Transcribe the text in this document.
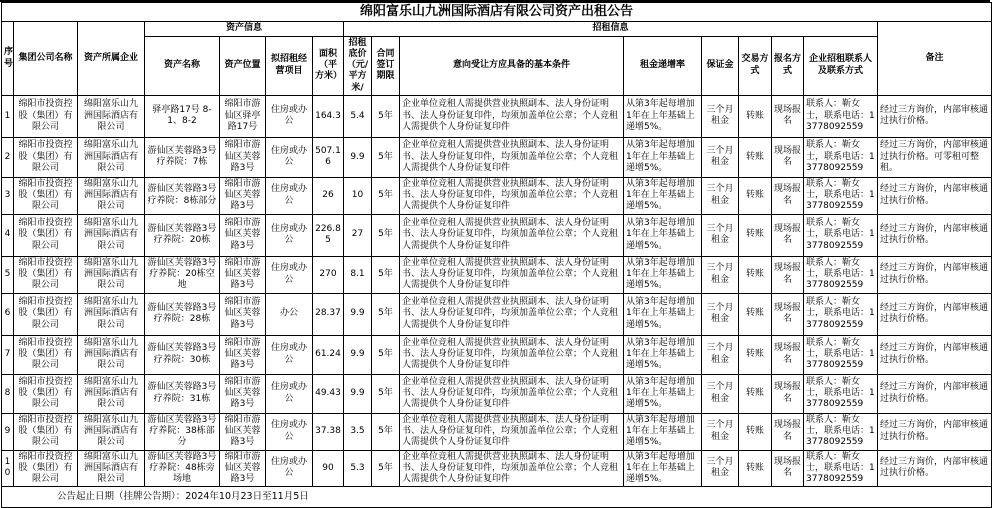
绵阳富乐山九洲国际酒店有限公司资产出租公告															
序号	集团公司名称	资产所属企业	资产信息				招租信息								备注
			资产名称	资产位置	拟招租经营项目	面积（平方米）	招租底价（元/平方米/	合同签订期限	意向受让方应具备的基本条件	租金递增率	保证金	交易方式	报名方式	企业招租联系人及联系方式	
1	绵阳市投资控股（集团）有限公司	绵阳富乐山九洲国际酒店有限公司	驿亭路17号 8-1、8-2	绵阳市游仙区驿亭路17号	住房或办公	164.3	5.4	5年	企业单位竞租人需提供营业执照副本、法人身份证明书、法人身份证复印件，均须加盖单位公章；个人竞租人需提供个人身份证复印件	从第3年起每增加1年在上年基础上递增5%。	三个月租金	转账	现场报名	联系人：靳女士，联系电话：13778092559	经过三方询价，内部审核通过执行价格。
2	绵阳市投资控股（集团）有限公司	绵阳富乐山九洲国际酒店有限公司	游仙区芙蓉路3号疗养院：7栋	绵阳市游仙区芙蓉路3号	住房或办公	507.16	9.9	5年	企业单位竞租人需提供营业执照副本、法人身份证明书、法人身份证复印件，均须加盖单位公章；个人竞租人需提供个人身份证复印件	从第3年起每增加1年在上年基础上递增5%。	三个月租金	转账	现场报名	联系人：靳女士，联系电话：13778092559	经过三方询价，内部审核通过执行价格。可零租可整租。
3	绵阳市投资控股（集团）有限公司	绵阳富乐山九洲国际酒店有限公司	游仙区芙蓉路3号疗养院：8栋部分	绵阳市游仙区芙蓉路3号	住房或办公	26	10	5年	企业单位竞租人需提供营业执照副本、法人身份证明书、法人身份证复印件，均须加盖单位公章；个人竞租人需提供个人身份证复印件	从第3年起每增加1年在上年基础上递增5%。	三个月租金	转账	现场报名	联系人：靳女士，联系电话：13778092559	经过三方询价，内部审核通过执行价格。
4	绵阳市投资控股（集团）有限公司	绵阳富乐山九洲国际酒店有限公司	游仙区芙蓉路3号疗养院：20栋	绵阳市游仙区芙蓉路3号	住房或办公	226.85	27	5年	企业单位竞租人需提供营业执照副本、法人身份证明书、法人身份证复印件，均须加盖单位公章；个人竞租人需提供个人身份证复印件	从第3年起每增加1年在上年基础上递增5%。	三个月租金	转账	现场报名	联系人：靳女士，联系电话：13778092559	经过三方询价，内部审核通过执行价格。
5	绵阳市投资控股（集团）有限公司	绵阳富乐山九洲国际酒店有限公司	游仙区芙蓉路3号疗养院：20栋空地	绵阳市游仙区芙蓉路3号	住房或办公	270	8.1	5年	企业单位竞租人需提供营业执照副本、法人身份证明书、法人身份证复印件，均须加盖单位公章；个人竞租人需提供个人身份证复印件	从第3年起每增加1年在上年基础上递增5%。	三个月租金	转账	现场报名	联系人：靳女士，联系电话：13778092559	经过三方询价，内部审核通过执行价格。
6	绵阳市投资控股（集团）有限公司	绵阳富乐山九洲国际酒店有限公司	游仙区芙蓉路3号疗养院：28栋	绵阳市游仙区芙蓉路3号	办公	28.37	9.9	5年	企业单位竞租人需提供营业执照副本、法人身份证明书、法人身份证复印件，均须加盖单位公章；个人竞租人需提供个人身份证复印件	从第3年起每增加1年在上年基础上递增5%。	三个月租金	转账	现场报名	联系人：靳女士，联系电话：13778092559	经过三方询价，内部审核通过执行价格。
7	绵阳市投资控股（集团）有限公司	绵阳富乐山九洲国际酒店有限公司	游仙区芙蓉路3号疗养院：30栋	绵阳市游仙区芙蓉路3号	住房或办公	61.24	9.9	5年	企业单位竞租人需提供营业执照副本、法人身份证明书、法人身份证复印件，均须加盖单位公章；个人竞租人需提供个人身份证复印件	从第3年起每增加1年在上年基础上递增5%。	三个月租金	转账	现场报名	联系人：靳女士，联系电话：13778092559	经过三方询价，内部审核通过执行价格。
8	绵阳市投资控股（集团）有限公司	绵阳富乐山九洲国际酒店有限公司	游仙区芙蓉路3号疗养院：31栋	绵阳市游仙区芙蓉路3号	住房或办公	49.43	9.9	5年	企业单位竞租人需提供营业执照副本、法人身份证明书、法人身份证复印件，均须加盖单位公章；个人竞租人需提供个人身份证复印件	从第3年起每增加1年在上年基础上递增5%。	三个月租金	转账	现场报名	联系人：靳女士，联系电话：13778092559	经过三方询价，内部审核通过执行价格。
9	绵阳市投资控股（集团）有限公司	绵阳富乐山九洲国际酒店有限公司	游仙区芙蓉路3号疗养院：38栋部分	绵阳市游仙区芙蓉路3号	住房或办公	37.38	3.5	5年	企业单位竞租人需提供营业执照副本、法人身份证明书、法人身份证复印件，均须加盖单位公章；个人竞租人需提供个人身份证复印件	从第3年起每增加1年在上年基础上递增5%。	三个月租金	转账	现场报名	联系人：靳女士，联系电话：13778092559	经过三方询价，内部审核通过执行价格。
10	绵阳市投资控股（集团）有限公司	绵阳富乐山九洲国际酒店有限公司	游仙区芙蓉路3号疗养院：48栋旁场地	绵阳市游仙区芙蓉路3号	住房或办公	90	5.3	5年	企业单位竞租人需提供营业执照副本、法人身份证明书、法人身份证复印件，均须加盖单位公章；个人竞租人需提供个人身份证复印件	从第3年起每增加1年在上年基础上递增5%。	三个月租金	转账	现场报名	联系人：靳女士，联系电话：13778092559	经过三方询价，内部审核通过执行价格。
公告起止日期（挂牌公告期）：2024年10月23日至11月5日															
